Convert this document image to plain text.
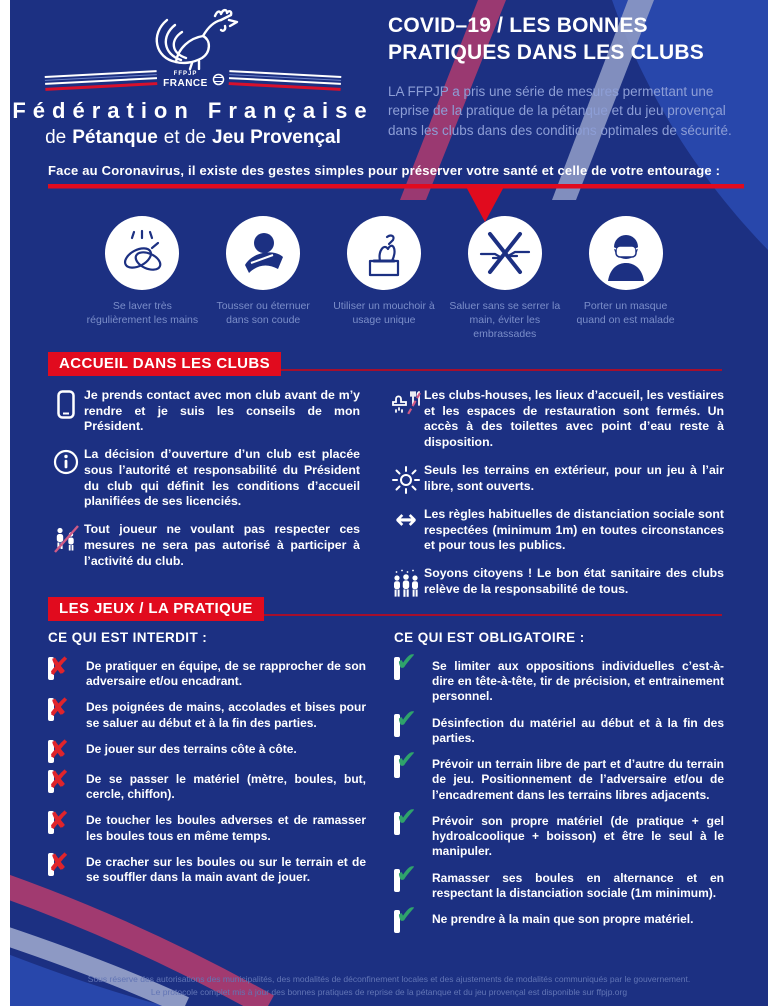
FFPJP
FRANCE
Fédération Française
de Pétanque et de Jeu Provençal
COVID–19 / LES BONNES PRATIQUES DANS LES CLUBS

LA FFPJP a pris une série de mesures permettant une reprise de la pratique de la pétanque et du jeu provençal dans les clubs dans des conditions optimales de sécurité.

Face au Coronavirus, il existe des gestes simples pour préserver votre santé et celle de votre entourage :
Se laver très régulièrement les mains
Tousser ou éternuer dans son coude
Utiliser un mouchoir à usage unique
Saluer sans se serrer la main, éviter les embrassades
Porter un masque quand on est malade
ACCUEIL DANS LES CLUBS

Je prends contact avec mon club avant de m’y rendre et je suis les conseils de mon Président.

La décision d’ouverture d’un club est placée sous l’autorité et responsabilité du Président du club qui définit les conditions d’accueil planifiées de ses licenciés.

Tout joueur ne voulant pas respecter ces mesures ne sera pas autorisé à participer à l’activité du club.

Les clubs-houses, les lieux d’accueil, les vestiaires et les espaces de restauration sont fermés. Un accès à des toilettes avec point d’eau reste à disposition.

Seuls les terrains en extérieur, pour un jeu à l’air libre, sont ouverts.

↔ Les règles habituelles de distanciation sociale sont respectées (minimum 1m) en toutes circonstances et pour tous les publics.

Soyons citoyens ! Le bon état sanitaire des clubs relève de la responsabilité de tous.

LES JEUX / LA PRATIQUE
CE QUI EST INTERDIT :
✘ De pratiquer en équipe, de se rapprocher de son adversaire et/ou encadrant.

✘ Des poignées de mains, accolades et bises pour se saluer au début et à la fin des parties.

✘ De jouer sur des terrains côte à côte.

✘ De se passer le matériel (mètre, boules, but, cercle, chiffon).

✘ De toucher les boules adverses et de ramasser les boules tous en même temps.

✘ De cracher sur les boules ou sur le terrain et de se souffler dans la main avant de jouer.

CE QUI EST OBLIGATOIRE :
✔ Se limiter aux oppositions individuelles c’est-à-dire en tête-à-tête, tir de précision, et entrainement personnel.

✔ Désinfection du matériel au début et à la fin des parties.

✔ Prévoir un terrain libre de part et d’autre du terrain de jeu. Positionnement de l’adversaire et/ou de l’encadrement dans les terrains libres adjacents.

✔ Prévoir son propre matériel (de pratique + gel hydroalcoolique + boisson) et être le seul à le manipuler.

✔ Ramasser ses boules en alternance et en respectant la distanciation sociale (1m minimum).

✔ Ne prendre à la main que son propre matériel.

Sous réserve des autorisations des municipalités, des modalités de déconfinement locales et des ajustements de modalités communiqués par le gouvernement.
Le protocole complet mis à jour des bonnes pratiques de reprise de la pétanque et du jeu provençal est disponible sur ffpjp.org
